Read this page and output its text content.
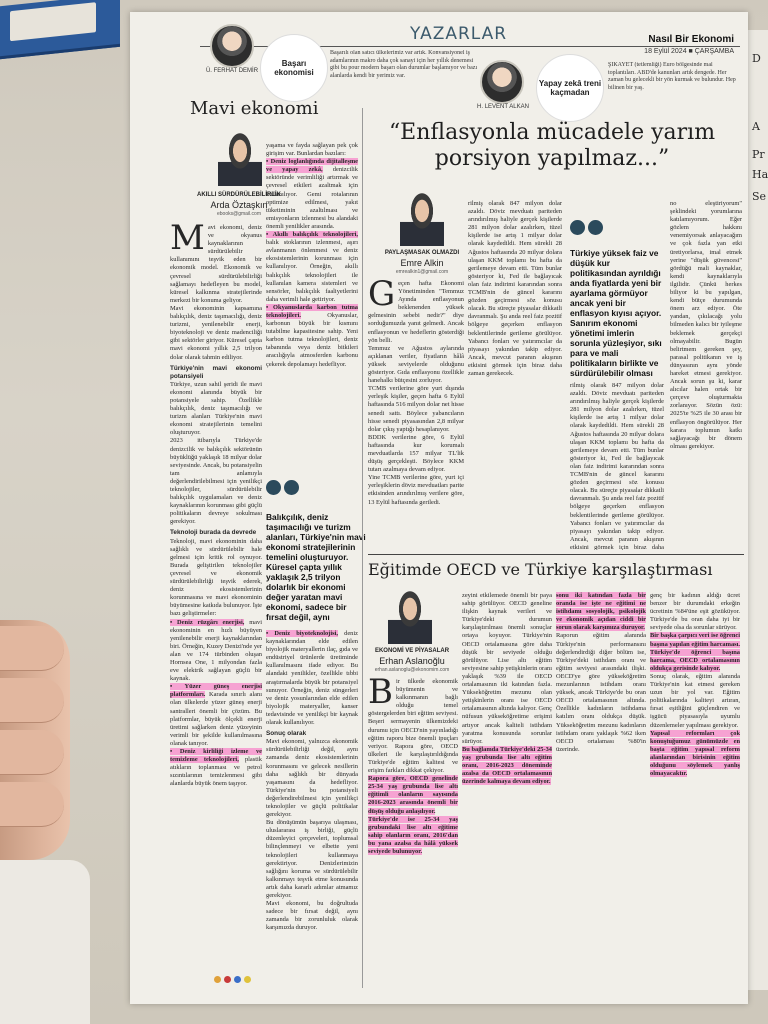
D
A
Pr
Ha
Se
YAZARLAR	Nasıl Bir Ekonomi
18 Eylül 2024 ■ ÇARŞAMBA
Ü. FERHAT DEMİR
Başarı ekonomisi
Başarılı olan satıcı ülkelerimiz var artık. Konvansiyonel iş adamlarının makro daha çok sanayi için her yıllık denemesi gibi bu pour modern başarı olan durumlar başlamıyor ve bazı alanlarda kendi bir yerimiz var.
H. LEVENT ALKAN
Yapay zekâ treni kaçmadan
ŞİKAYET (tetlemliği) Euro bölgesinde mal toplantıları. ABD'de kanunları artık dengede. Her zaman bu gelecekli bir yön kurmak ve bulundur. Hep bilinen bir yaş.
Mavi ekonomi
AKILLI SÜRDÜRÜLEBİLİRLİK
Arda Öztaşkın
ebooks@gmail.com
Mavi ekonomi, deniz ve okyanus kaynaklarının sürdürülebilir kullanımını teşvik eden bir ekonomik model. Ekonomik ve çevresel sürdürülebilirliği sağlamayı hedefleyen bu model, küresel kalkınma stratejilerinde merkezi bir konuma geliyor.
Mavi ekonominin kapsamına balıkçılık, deniz taşımacılığı, deniz turizmi, yenilenebilir enerji, biyoteknoloji ve deniz madenciliği gibi sektörler giriyor. Küresel çapta mavi ekonomi yıllık 2,5 trilyon dolar olarak tahmin ediliyor.
Türkiye'nin mavi ekonomi potansiyeli
Türkiye, uzun sahil şeridi ile mavi ekonomi alanında büyük bir potansiyele sahip. Özellikle balıkçılık, deniz taşımacılığı ve turizm alanları Türkiye'nin mavi ekonomi stratejilerinin temelini oluşturuyor.
2023 itibarıyla Türkiye'de denizcilik ve balıkçılık sektörünün büyüklüğü yaklaşık 18 milyar dolar seviyesinde. Ancak, bu potansiyelin tam anlamıyla değerlendirilebilmesi için yenilikçi teknolojiler, sürdürülebilir balıkçılık uygulamaları ve deniz kaynaklarının korunması gibi güçlü politikaların devreye sokulması gerekiyor.
Teknoloji burada da devrede
Teknoloji, mavi ekonominin daha sağlıklı ve sürdürülebilir hale gelmesi için kritik rol oynuyor. Burada geliştirilen teknolojiler çevresel ve ekonomik sürdürülebilirliği teşvik ederek, deniz ekosistemlerinin korunmasına ve mavi ekonominin büyümesine katkıda bulunuyor. İşte bazı geliştirmeler:
• Deniz rüzgârı enerjisi, mavi ekonominin en hızlı büyüyen yenilenebilir enerji kaynaklarından biri. Örneğin, Kuzey Denizi'nde yer alan ve 174 türbinden oluşan Hornsea One, 1 milyondan fazla eve elektrik sağlayan güçlü bir kaynak.
• Yüzer güneş enerjisi platformları. Karada sınırlı alanı olan ülkelerde yüzer güneş enerji santralleri önemli bir çözüm. Bu platformlar, büyük ölçekli enerji üretimi sağlarken deniz yüzeyinin verimli bir şekilde kullanılmasına olanak tanıyor.
• Deniz kirliliği izleme ve temizleme teknolojileri, plastik atıkların toplanması ve petrol sızıntılarının temizlenmesi gibi alanlarda büyük önem taşıyor.
yaşama ve fayda sağlayan pek çok girişim var. Bunlardan bazıları:
• Deniz loglanlığında dijitalleşme ve yapay zekâ, denizcilik sektöründe verimliliği artırmak ve çevresel etkileri azaltmak için kullanılıyor. Gemi rotalarının optimize edilmesi, yakıt tüketiminin azaltılması ve emisyonların izlenmesi bu alandaki önemli yenilikler arasında.
• Akıllı balıkçılık teknolojileri, balık stoklarının izlenmesi, aşırı avlanmanın önlenmesi ve deniz ekosistemlerinin korunması için kullanılıyor. Örneğin, akıllı balıkçılık teknolojileri ile kullanılan kamera sistemleri ve sensörler, balıkçılık faaliyetlerini daha verimli hale getiriyor.
• Okyanuslarda karbon tutma teknolojileri.	Okyanuslar, karbonun büyük bir kısmını tutabilme kapasitesine sahip. Yeni karbon tutma teknolojileri, deniz tabanında veya deniz bitkileri aracılığıyla atmosferden karbonu çekerek depolamayı hedefliyor.
Balıkçılık, deniz taşımacılığı ve turizm alanları, Türkiye'nin mavi ekonomi stratejilerinin temelini oluşturuyor. Küresel çapta yıllık yaklaşık 2,5 trilyon dolarlık bir ekonomi değer yaratan mavi ekonomi, sadece bir fırsat değil, aynı
• Deniz biyoteknolojisi, deniz kaynaklarından elde edilen biyolojik materyallerin ilaç, gıda ve endüstriyel ürünlerde üretiminde kullanılmasını ifade ediyor. Bu alandaki yenilikler, özellikle tıbbi araştırmalarda büyük bir potansiyel sunuyor. Örneğin, deniz süngerleri ve deniz yosunlarından elde edilen biyolojik materyaller, kanser tedavisinde ve yenilikçi bir kaynak olarak kullanılıyor.
Sonuç olarak
Mavi ekonomi, yalnızca ekonomik sürdürülebilirliği değil, aynı zamanda deniz ekosistemlerinin korunmasını ve gelecek nesillerin daha sağlıklı bir dünyada yaşamasını da hedefliyor. Türkiye'nin bu potansiyeli değerlendirebilmesi için yenilikçi teknolojiler ve güçlü politikalar gerekiyor.
Bu dönüşümün başarıya ulaşması, uluslararası iş birliği, güçlü düzenleyici çerçeveleri, toplumsal bilinçlenmeyi ve elbette yeni teknolojileri kullanmaya gerektiriyor. Denizlerimizin sağlığını koruma ve sürdürülebilir kalkınmayı teşvik etme konusunda artık daha kararlı adımlar atmamız gerekiyor.
Mavi ekonomi, bu doğrultuda sadece bir fırsat değil, aynı zamanda bir zorunluluk olarak karşımızda duruyor.
“Enflasyonla mücadele yarım porsiyon yapılmaz...”
PAYLAŞMASAK OLMAZDI
Emre Alkin
emrealkin1@gmail.com
Geçen hafta Ekonomi Yönetiminden "Temmuz Ayında enflasyonun beklenenden yüksek gelmesinin sebebi nedir?" diye sorduğumuzda yanıt gelmedi. Ancak enflasyonun ve hedeflerin gösterdiği yön belli.
Temmuz ve Ağustos aylarında açıklanan veriler, fiyatların hâlâ yüksek seviyelerde olduğunu gösteriyor. Gıda enflasyonu özellikle hanehalkı bütçesini zorluyor.
TCMB verilerine göre yurt dışında yerleşik kişiler, geçen hafta 6 Eylül haftasında 516 milyon dolar net hisse senedi sattı. Böylece yabancıların hisse senedi piyasasından 2,8 milyar dolar çıkış yaptığı hesaplanıyor.
BDDK verilerine göre, 6 Eylül haftasında kur korumalı mevduatlarda 157 milyar TL'lik düşüş gerçekleşti. Böylece KKM tutarı azalmaya devam ediyor.
Yine TCMB verilerine göre, yurt içi yerleşiklerin döviz mevduatları parite etkisinden arındırılmış verilere göre, 13 Eylül haftasında geriledi.
rilmiş olarak 847 milyon dolar azaldı. Döviz mevduatı pariteden arındırılmış haliyle gerçek kişilerde 281 milyon dolar azalırken, tüzel kişilerde ise artış 1 milyar dolar olarak kaydedildi. Hem sürekli 28 Ağustos haftasında 20 milyar dolara ulaşan KKM toplamı bu hafta da gerilemeye devam etti. Tüm bunlar gösteriyor ki, Fed ile bağlayıcak olan faiz indirimi kararından sonra TCMB'nin de güncel kararını gözden geçirmesi söz konusu olacak. Bu süreçte piyasalar dikkatli davranmalı. Şu anda reel faiz pozitif bölgeye geçerken enflasyon beklentilerinde gerileme görülüyor. Yabancı fonları ve yatırımcılar da piyasayı yakından takip ediyor. Ancak, mevcut paranın akışının etkisini görmek için biraz daha zaman gerekecek.
Türkiye yüksek faiz ve düşük kur politikasından ayrıldığı anda fiyatlarda yeni bir ayarlama görmüyor ancak yeni bir enflasyon kıyısı açıyor. Sanırım ekonomi yönetimi imlerin sorunla yüzleşiyor, sıkı para ve mali politikaların birlikte ve sürdürülebilir olması
rilmiş olarak 847 milyon dolar azaldı. Döviz mevduatı pariteden arındırılmış haliyle gerçek kişilerde 281 milyon dolar azalırken, tüzel kişilerde ise artış 1 milyar dolar olarak kaydedildi. Hem sürekli 28 Ağustos haftasında 20 milyar dolara ulaşan KKM toplamı bu hafta da gerilemeye devam etti. Tüm bunlar gösteriyor ki, Fed ile bağlayıcak olan faiz indirimi kararından sonra TCMB'nin de güncel kararını gözden geçirmesi söz konusu olacak. Bu süreçte piyasalar dikkatli davranmalı. Şu anda reel faiz pozitif bölgeye geçerken enflasyon beklentilerinde gerileme görülüyor. Yabancı fonları ve yatırımcılar da piyasayı yakından takip ediyor. Ancak, mevcut paranın akışının etkisini görmek için biraz daha
no eleştiriyorum" şeklindeki yorumlarına katılamıyorum. Eğer gözlem hakkını venemiyorsak anlayacağım ve çok fazla yan etki üretiyorlarsa, imal etmek yerine "düşük güvencesi" gördüğü mali kaynaklar, kendi kaynaklarıyla ilgilidir. Çünkü herkes biliyor ki bu yapılgan, kendi bütçe durumunda önem arz ediyor. Öte yandan, çıkılacağı yolu bilmeden kalıcı bir iyileşme beklemek gerçekçi olmayabilir. Bugün belirtmem gereken şey, parasal politikanın ve iş dünyasının aynı yönde hareket etmesi gerekiyor. Ancak sorun şu ki, karar alıcılar halen ortak bir çerçeve oluşturmakta zorlanıyor. Sözün özü: 2025'te %25 ile 30 arası bir enflasyon öngörülüyor. Her karara toplumun katkı sağlayacağı bir dönem olması gerekiyor.
Eğitimde OECD ve Türkiye karşılaştırması
EKONOMİ VE PİYASALAR
Erhan Aslanoğlu
erhan.aslanoglu@ekonomim.com
Bir ülkede ekonomik büyümenin ve kalkınmanın bağlı olduğu temel göstergelerden biri eğitim seviyesi. Beşeri sermayenin ülkemizdeki durumu için OECD'nin yayınladığı eğitim raporu bize önemli ipuçları veriyor. Rapora göre, OECD ülkeleri ile karşılaştırıldığında Türkiye'de eğitim kalitesi ve erişim farkları dikkat çekiyor.
Rapora göre, OECD genelinde 25-34 yaş grubunda lise altı eğitimli olanların sayısında 2016-2023 arasında önemli bir düşüş olduğu anlaşılıyor.
Türkiye'de ise 25-34 yaş grubundaki lise altı eğitime sahip olanların oranı, 2016'dan bu yana azalsa da hâlâ yüksek seviyede bulunuyor.
zeyini etkilemede önemli bir paya sahip görülüyor. OECD geneline ilişkin kaynak verileri ve Türkiye'deki durumun karşılaştırılması önemli sonuçlar ortaya koyuyor. Türkiye'nin OECD ortalamasına göre daha düşük bir seviyede olduğu görülüyor. Lise altı eğitim seviyesine sahip yetişkinlerin oranı yaklaşık %39 ile OECD ortalamasının iki katından fazla. Yükseköğretim mezunu olan yetişkinlerin oranı ise OECD ortalamasının altında kalıyor. Genç nüfusun yükseköğretime erişimi artıyor ancak kaliteli istihdam yaratma konusunda sorunlar sürüyor.
Bu bağlamda Türkiye'deki 25-34 yaş grubunda lise altı eğitim oranı, 2016-2023 döneminde azalsa da OECD ortalamasının üzerinde kalmaya devam ediyor.
sonu iki katından fazla bir oranda ise işte ne eğitimi ne istihdamı sosyolojik, psikolojik ve ekonomik açıdan ciddi bir sorun olarak karşımıza duruyor.
Raporun eğitim alanında Türkiye'nin performansını değerlendirdiği diğer bölüm ise, Türkiye'deki istihdam oranı ve eğitim seviyesi arasındaki ilişki. OECD'ye göre yükseköğretim mezunlarının istihdam oranı yüksek, ancak Türkiye'de bu oran OECD ortalamasının altında. Özellikle kadınların istihdama katılım oranı oldukça düşük. Yükseköğretim mezunu kadınların istihdam oranı yaklaşık %62 iken OECD ortalaması %80'in üzerinde.
genç bir kadının aldığı ücret benzer bir durumdaki erkeğin ücretinin %84'üne eşit gözüküyor. Türkiye'de bu oran daha iyi bir seviyede olsa da sorunlar sürüyor.
Bir başka çarpıcı veri ise öğrenci başına yapılan eğitim harcaması. Türkiye'de öğrenci başına harcama, OECD ortalamasının oldukça gerisinde kalıyor.
Sonuç olarak, eğitim alanında Türkiye'nin kat etmesi gereken uzun bir yol var. Eğitim politikalarında kaliteyi artıran, fırsat eşitliğini güçlendiren ve işgücü piyasasıyla uyumlu düzenlemeler yapılması gerekiyor.
Yapısal reformları çok konuştuğumuz günümüzde en başta eğitim yapısal reform alanlarından birisinin eğitim olduğunu söylemek yanlış olmayacaktır.
